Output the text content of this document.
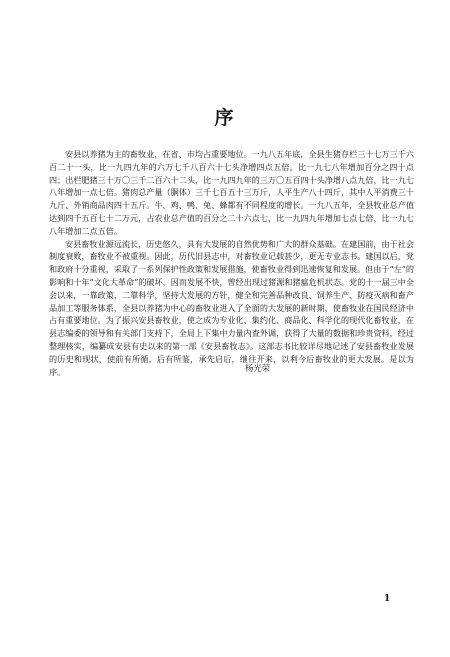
序

安县以养猪为主的畜牧业，在省、市均占重要地位。一九八五年底，全县生猪存栏三十七万三千六百二十一头，比一九四九年的六万七千八百六十七头净增四点五倍，比一九七八年增加百分之四十点四；出栏肥猪三十万〇三千二百六十二头，比一九四九年的三万〇五百四十头净增八点九倍，比一九七八年增加一点七倍。猪肉总产量（胴体）三千七百五十三万斤，人平生产八十四斤，其中人平消费三十九斤、外销商品肉四十五斤。牛、鸡、鸭、兔、蜂都有不同程度的增长。一九八五年，全县牧业总产值达到四千五百七十二万元，占农业总产值的百分之二十六点七，比一九四九年增加七点七倍，比一九七八年增加二点五倍。

安县畜牧业源远流长，历史悠久，具有大发展的自然优势和广大的群众基础。在建国前，由于社会制度衰败，畜牧业不被重视。因此，历代旧县志中，对畜牧业记载甚少，更无专业志书。建国以后，党和政府十分重视，采取了一系列保护性政策和发展措施，使畜牧业得到迅速恢复和发展。但由于“左”的影响和十年“文化大革命”的破坏，因而发展不快，曾经出现过猪源和猪瘟危机状态。党的十一届三中全会以来，一靠政策，二靠科学，坚持大发展的方针，健全和完善品种改良、饲养生产、防疫灭病和畜产品加工等服务体系，全县以养猪为中心的畜牧业进入了全面的大发展的新时期，使畜牧业在国民经济中占有重要地位。为了振兴安县畜牧业，使之成为专业化、集约化、商品化、科学化的现代化畜牧业，在县志编委的领导和有关部门支持下，全局上下集中力量内查外调，获得了大量的数据和珍贵资料，经过整理核实，编纂成安县有史以来的第一部《安县畜牧志》。这部志书比较详尽地记述了安县畜牧业发展的历史和现状，使前有所循，后有所鉴，承先启后，继往开来，以利今后畜牧业的更大发展。是以为序。	杨光荣
1
